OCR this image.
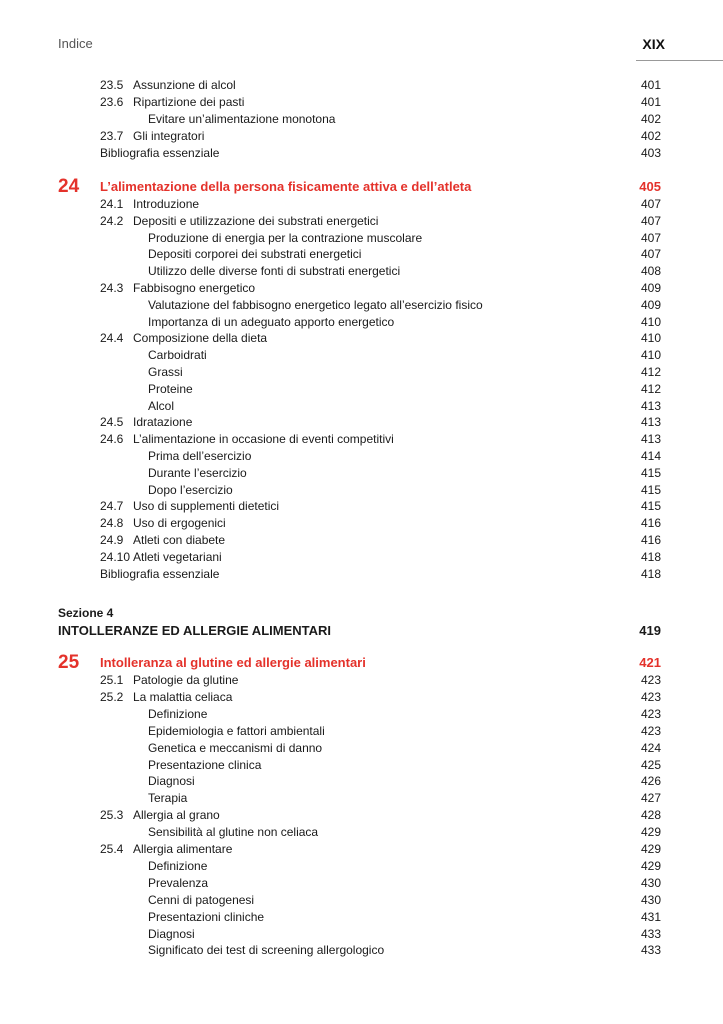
Indice	XIX
23.5 Assunzione di alcol	401
23.6 Ripartizione dei pasti	401
Evitare un’alimentazione monotona	402
23.7 Gli integratori	402
Bibliografia essenziale	403
24 L’alimentazione della persona fisicamente attiva e dell’atleta	405
24.1 Introduzione	407
24.2 Depositi e utilizzazione dei substrati energetici	407
Produzione di energia per la contrazione muscolare	407
Depositi corporei dei substrati energetici	407
Utilizzo delle diverse fonti di substrati energetici	408
24.3 Fabbisogno energetico	409
Valutazione del fabbisogno energetico legato all’esercizio fisico	409
Importanza di un adeguato apporto energetico	410
24.4 Composizione della dieta	410
Carboidrati	410
Grassi	412
Proteine	412
Alcol	413
24.5 Idratazione	413
24.6 L’alimentazione in occasione di eventi competitivi	413
Prima dell’esercizio	414
Durante l’esercizio	415
Dopo l’esercizio	415
24.7 Uso di supplementi dietetici	415
24.8 Uso di ergogenici	416
24.9 Atleti con diabete	416
24.10 Atleti vegetariani	418
Bibliografia essenziale	418
Sezione 4
INTOLLERANZE ED ALLERGIE ALIMENTARI	419
25 Intolleranza al glutine ed allergie alimentari	421
25.1 Patologie da glutine	423
25.2 La malattia celiaca	423
Definizione	423
Epidemiologia e fattori ambientali	423
Genetica e meccanismi di danno	424
Presentazione clinica	425
Diagnosi	426
Terapia	427
25.3 Allergia al grano	428
Sensibilità al glutine non celiaca	429
25.4 Allergia alimentare	429
Definizione	429
Prevalenza	430
Cenni di patogenesi	430
Presentazioni cliniche	431
Diagnosi	433
Significato dei test di screening allergologico	433
